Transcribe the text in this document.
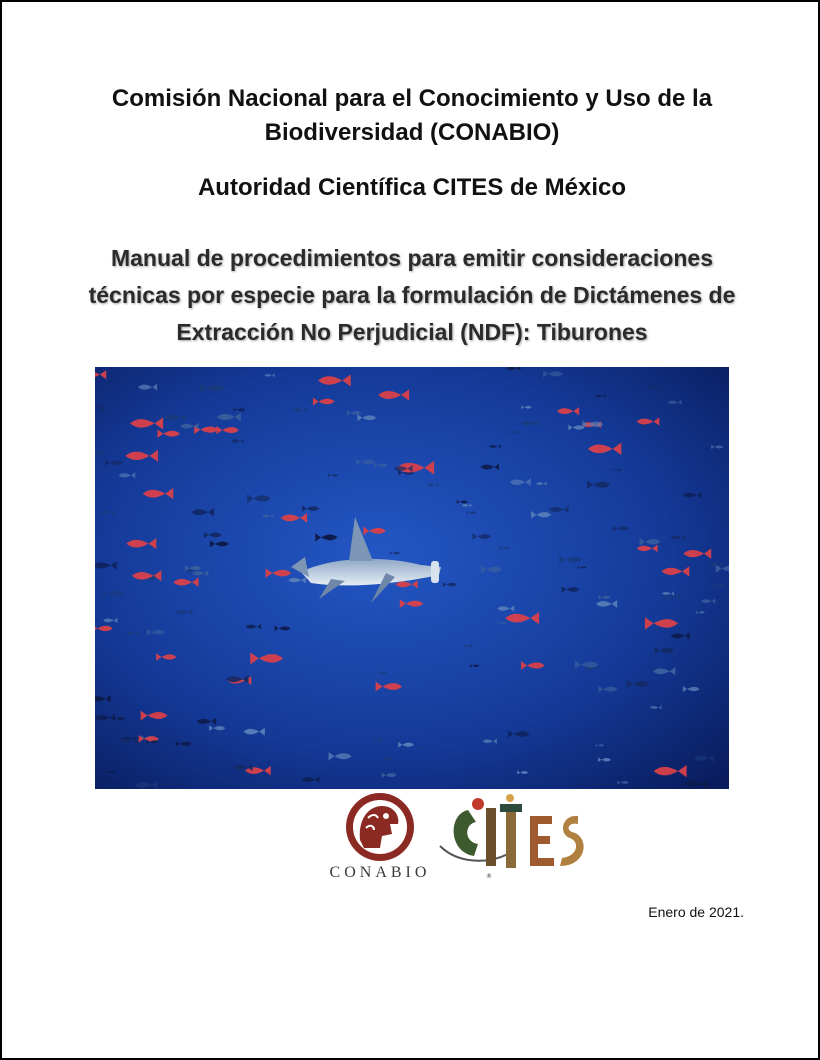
Comisión Nacional para el Conocimiento y Uso de la
Biodiversidad (CONABIO)
Autoridad Científica CITES de México
Manual de procedimientos para emitir consideraciones
técnicas por especie para la formulación de Dictámenes de
Extracción No Perjudicial (NDF): Tiburones
CONABIO	®
Enero de 2021.
